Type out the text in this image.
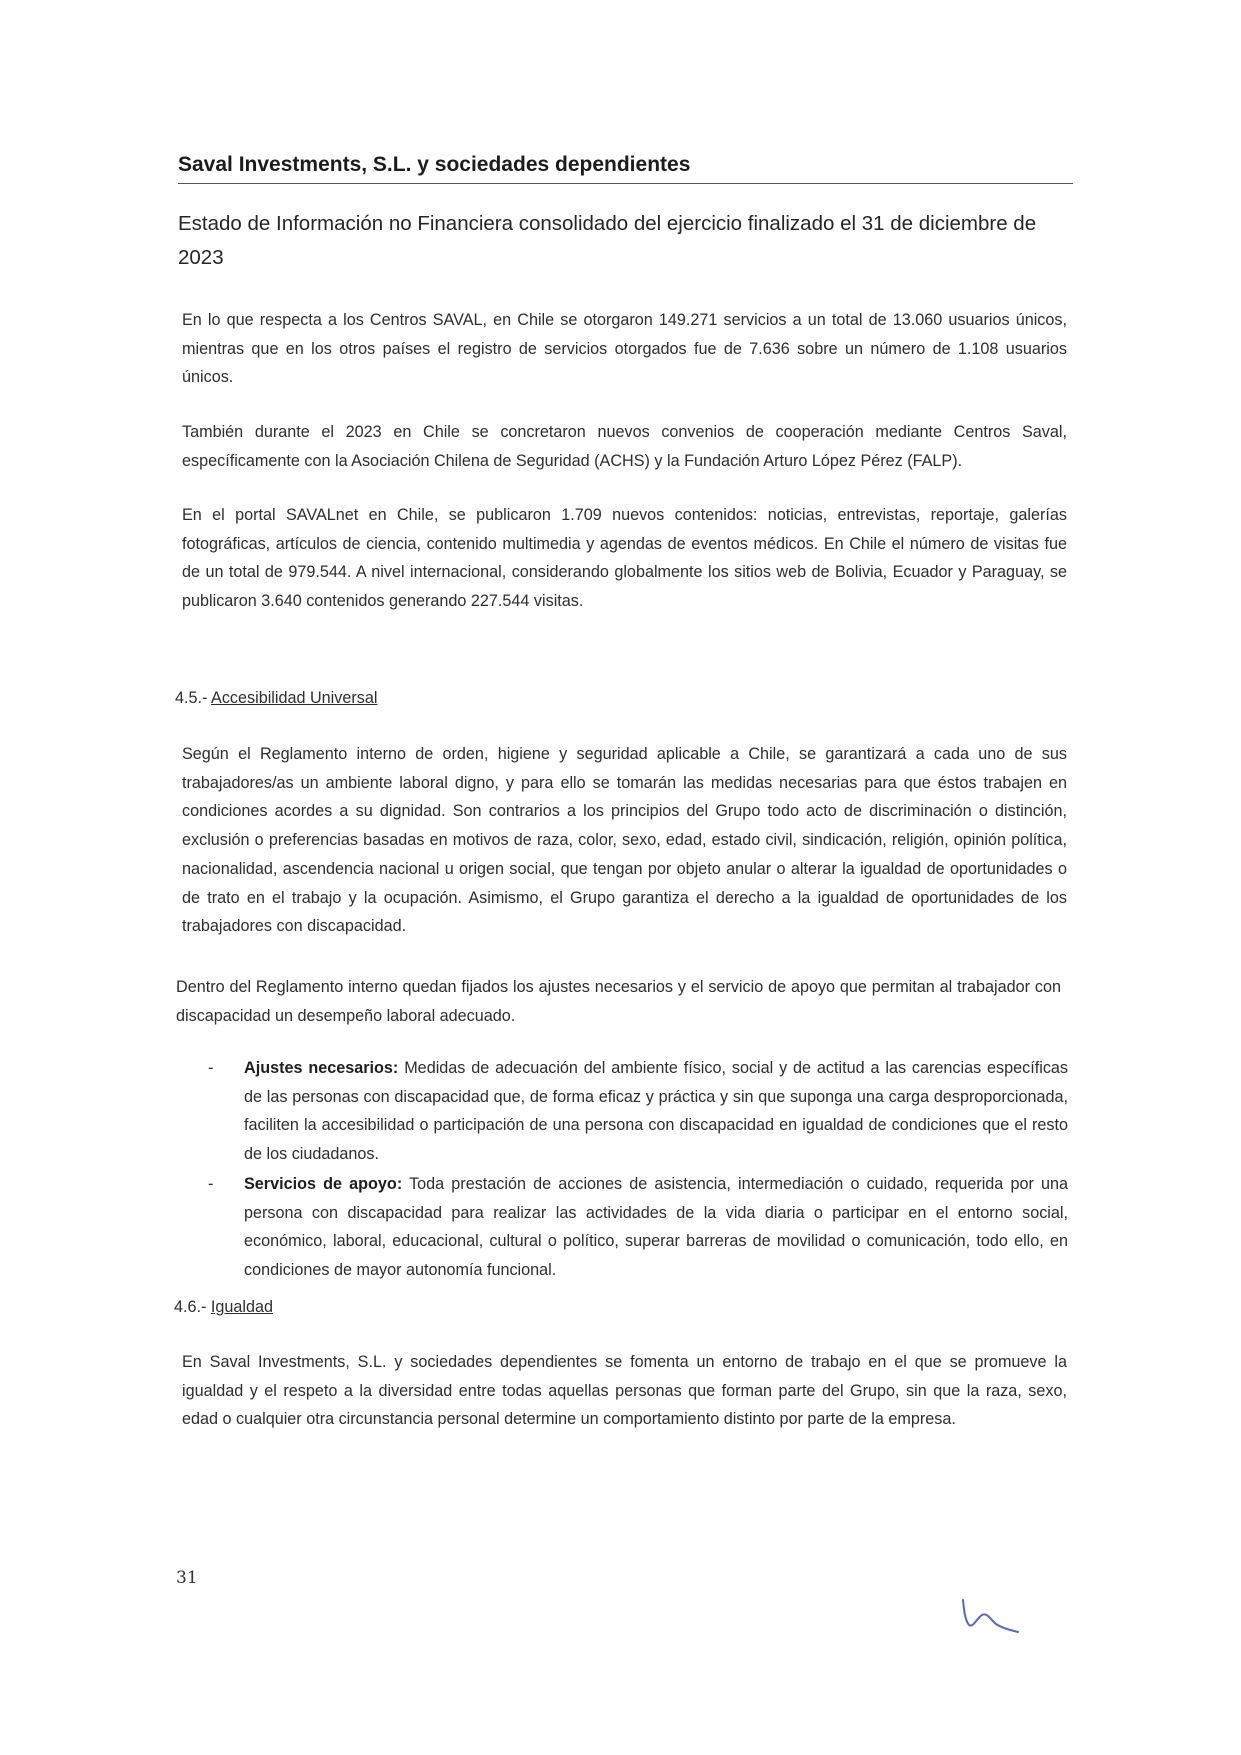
Saval Investments, S.L. y sociedades dependientes
Estado de Información no Financiera consolidado del ejercicio finalizado el 31 de diciembre de 2023
En lo que respecta a los Centros SAVAL, en Chile se otorgaron 149.271 servicios a un total de 13.060 usuarios únicos, mientras que en los otros países el registro de servicios otorgados fue de 7.636 sobre un número de 1.108 usuarios únicos.
También durante el 2023 en Chile se concretaron nuevos convenios de cooperación mediante Centros Saval, específicamente con la Asociación Chilena de Seguridad (ACHS) y la Fundación Arturo López Pérez (FALP).
En el portal SAVALnet en Chile, se publicaron 1.709 nuevos contenidos: noticias, entrevistas, reportaje, galerías fotográficas, artículos de ciencia, contenido multimedia y agendas de eventos médicos. En Chile el número de visitas fue de un total de 979.544. A nivel internacional, considerando globalmente los sitios web de Bolivia, Ecuador y Paraguay, se publicaron 3.640 contenidos generando 227.544 visitas.
4.5.- Accesibilidad Universal
Según el Reglamento interno de orden, higiene y seguridad aplicable a Chile, se garantizará a cada uno de sus trabajadores/as un ambiente laboral digno, y para ello se tomarán las medidas necesarias para que éstos trabajen en condiciones acordes a su dignidad. Son contrarios a los principios del Grupo todo acto de discriminación o distinción, exclusión o preferencias basadas en motivos de raza, color, sexo, edad, estado civil, sindicación, religión, opinión política, nacionalidad, ascendencia nacional u origen social, que tengan por objeto anular o alterar la igualdad de oportunidades o de trato en el trabajo y la ocupación. Asimismo, el Grupo garantiza el derecho a la igualdad de oportunidades de los trabajadores con discapacidad.
Dentro del Reglamento interno quedan fijados los ajustes necesarios y el servicio de apoyo que permitan al trabajador con discapacidad un desempeño laboral adecuado.
- Ajustes necesarios: Medidas de adecuación del ambiente físico, social y de actitud a las carencias específicas de las personas con discapacidad que, de forma eficaz y práctica y sin que suponga una carga desproporcionada, faciliten la accesibilidad o participación de una persona con discapacidad en igualdad de condiciones que el resto de los ciudadanos.
- Servicios de apoyo: Toda prestación de acciones de asistencia, intermediación o cuidado, requerida por una persona con discapacidad para realizar las actividades de la vida diaria o participar en el entorno social, económico, laboral, educacional, cultural o político, superar barreras de movilidad o comunicación, todo ello, en condiciones de mayor autonomía funcional.
4.6.- Igualdad
En Saval Investments, S.L. y sociedades dependientes se fomenta un entorno de trabajo en el que se promueve la igualdad y el respeto a la diversidad entre todas aquellas personas que forman parte del Grupo, sin que la raza, sexo, edad o cualquier otra circunstancia personal determine un comportamiento distinto por parte de la empresa.
31
